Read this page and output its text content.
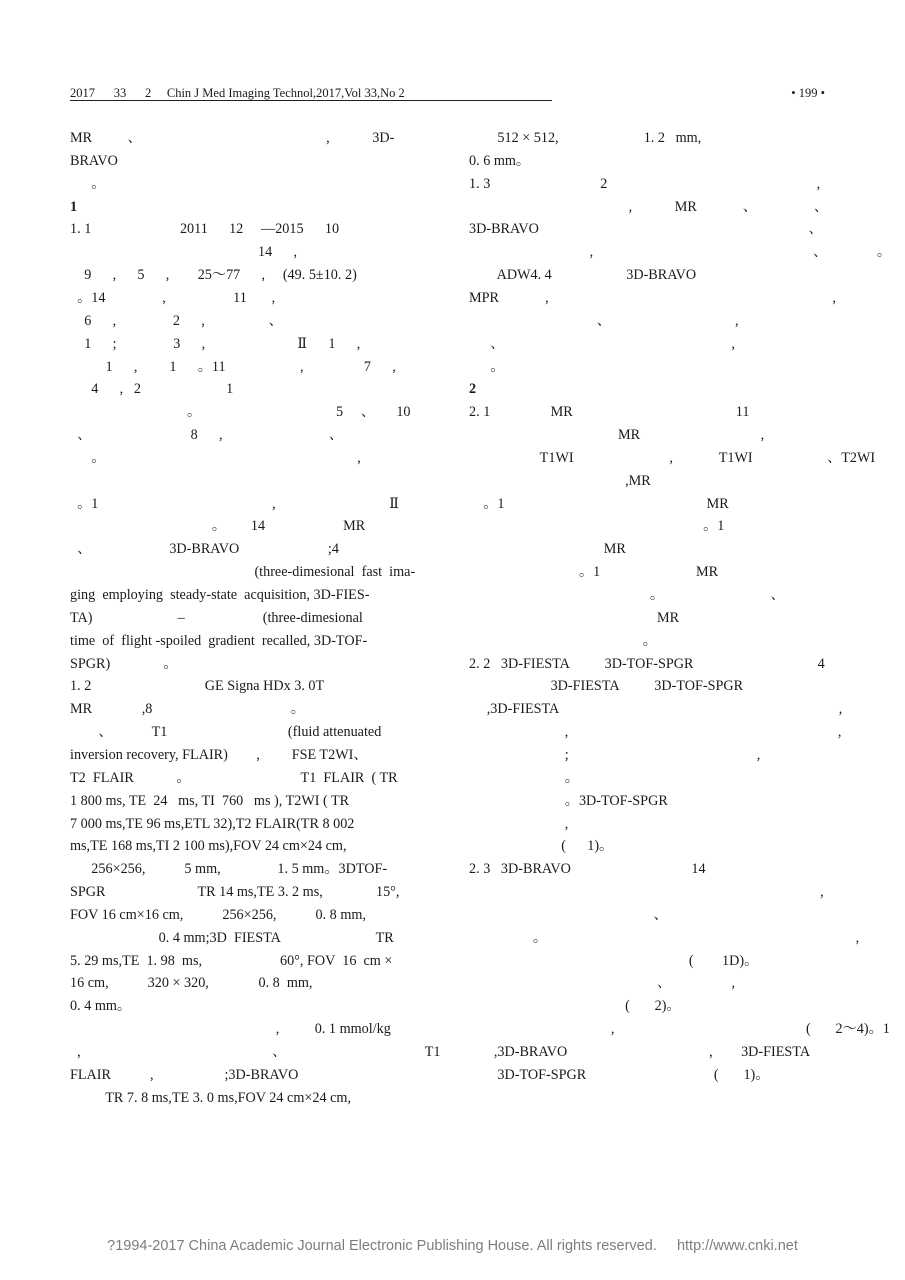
2017      33      2     Chin J Med Imaging Technol,2017,Vol 33,No 2	• 199 •
MR          、                                                    ,            3D-
BRAVO
。
1
1. 1                         2011      12     —2015      10
14      ,
9      ,      5      ,        25～77      ,     (49. 5±10. 2)
。14                ,                   11       ,
6      ,                2      ,                  、
1      ;                3      ,                          Ⅱ      1      ,
1      ,         1      。11                     ,                 7      ,
4      ,   2                        1
。                                      5     、      10
、                            8      ,                              、
。                                                                       ,
。1                                                 ,                                Ⅱ
。       14                      MR
、                      3D-BRAVO                         ;4
(three-dimesional  fast  ima-
ging  employing  steady-state  acquisition, 3D-FIES-
TA)                        –                      (three-dimesional
time  of  flight -spoiled  gradient  recalled, 3D-TOF-
SPGR)               。
1. 2                                GE Signa HDx 3. 0T
MR              ,8                                       。
、           T1                                  (fluid attenuated
inversion recovery, FLAIR)        ,         FSE T2WI、
T2  FLAIR            。                               T1  FLAIR  ( TR
1 800 ms, TE  24   ms, TI  760   ms ), T2WI ( TR
7 000 ms,TE 96 ms,ETL 32),T2 FLAIR(TR 8 002
ms,TE 168 ms,TI 2 100 ms),FOV 24 cm×24 cm,
256×256,           5 mm,                1. 5 mm。3DTOF-
SPGR                          TR 14 ms,TE 3. 2 ms,               15°,
FOV 16 cm×16 cm,           256×256,           0. 8 mm,
0. 4 mm;3D  FIESTA                           TR
5. 29 ms,TE  1. 98  ms,                      60°, FOV  16  cm ×
16 cm,           320 × 320,              0. 8  mm,
0. 4 mm。
,          0. 1 mmol/kg
,                                                      、                                       T1
FLAIR           ,                    ;3D-BRAVO
TR 7. 8 ms,TE 3. 0 ms,FOV 24 cm×24 cm,
512 × 512,                        1. 2   mm,
0. 6 mm。
1. 3                               2                                                           ,
,            MR             、                、
3D-BRAVO                                                                            、
,                                                              、              。
ADW4. 4                     3D-BRAVO
MPR             ,                                                                                ,
、                                   ,
、                                                                ,
。
2
2. 1                 MR                                              11
MR                                  ,
T1WI                           ,             T1WI                     、T2WI
,MR
。1                                                         MR
。1
MR
。1                           MR
。                              、
MR
。
2. 2   3D-FIESTA          3D-TOF-SPGR                                   4
3D-FIESTA          3D-TOF-SPGR
,3D-FIESTA                                                                               ,
,                                                                            ,
;                                                     ,
。
。3D-TOF-SPGR
,
(      1)。
2. 3   3D-BRAVO                                  14
,
、
。                                                                                       ,
(        1D)。
、                 ,
(       2)。
,                                                      (       2～4)。1
,3D-BRAVO                                        ,        3D-FIESTA
3D-TOF-SPGR                                    (       1)。
?1994-2017 China Academic Journal Electronic Publishing House. All rights reserved.     http://www.cnki.net
